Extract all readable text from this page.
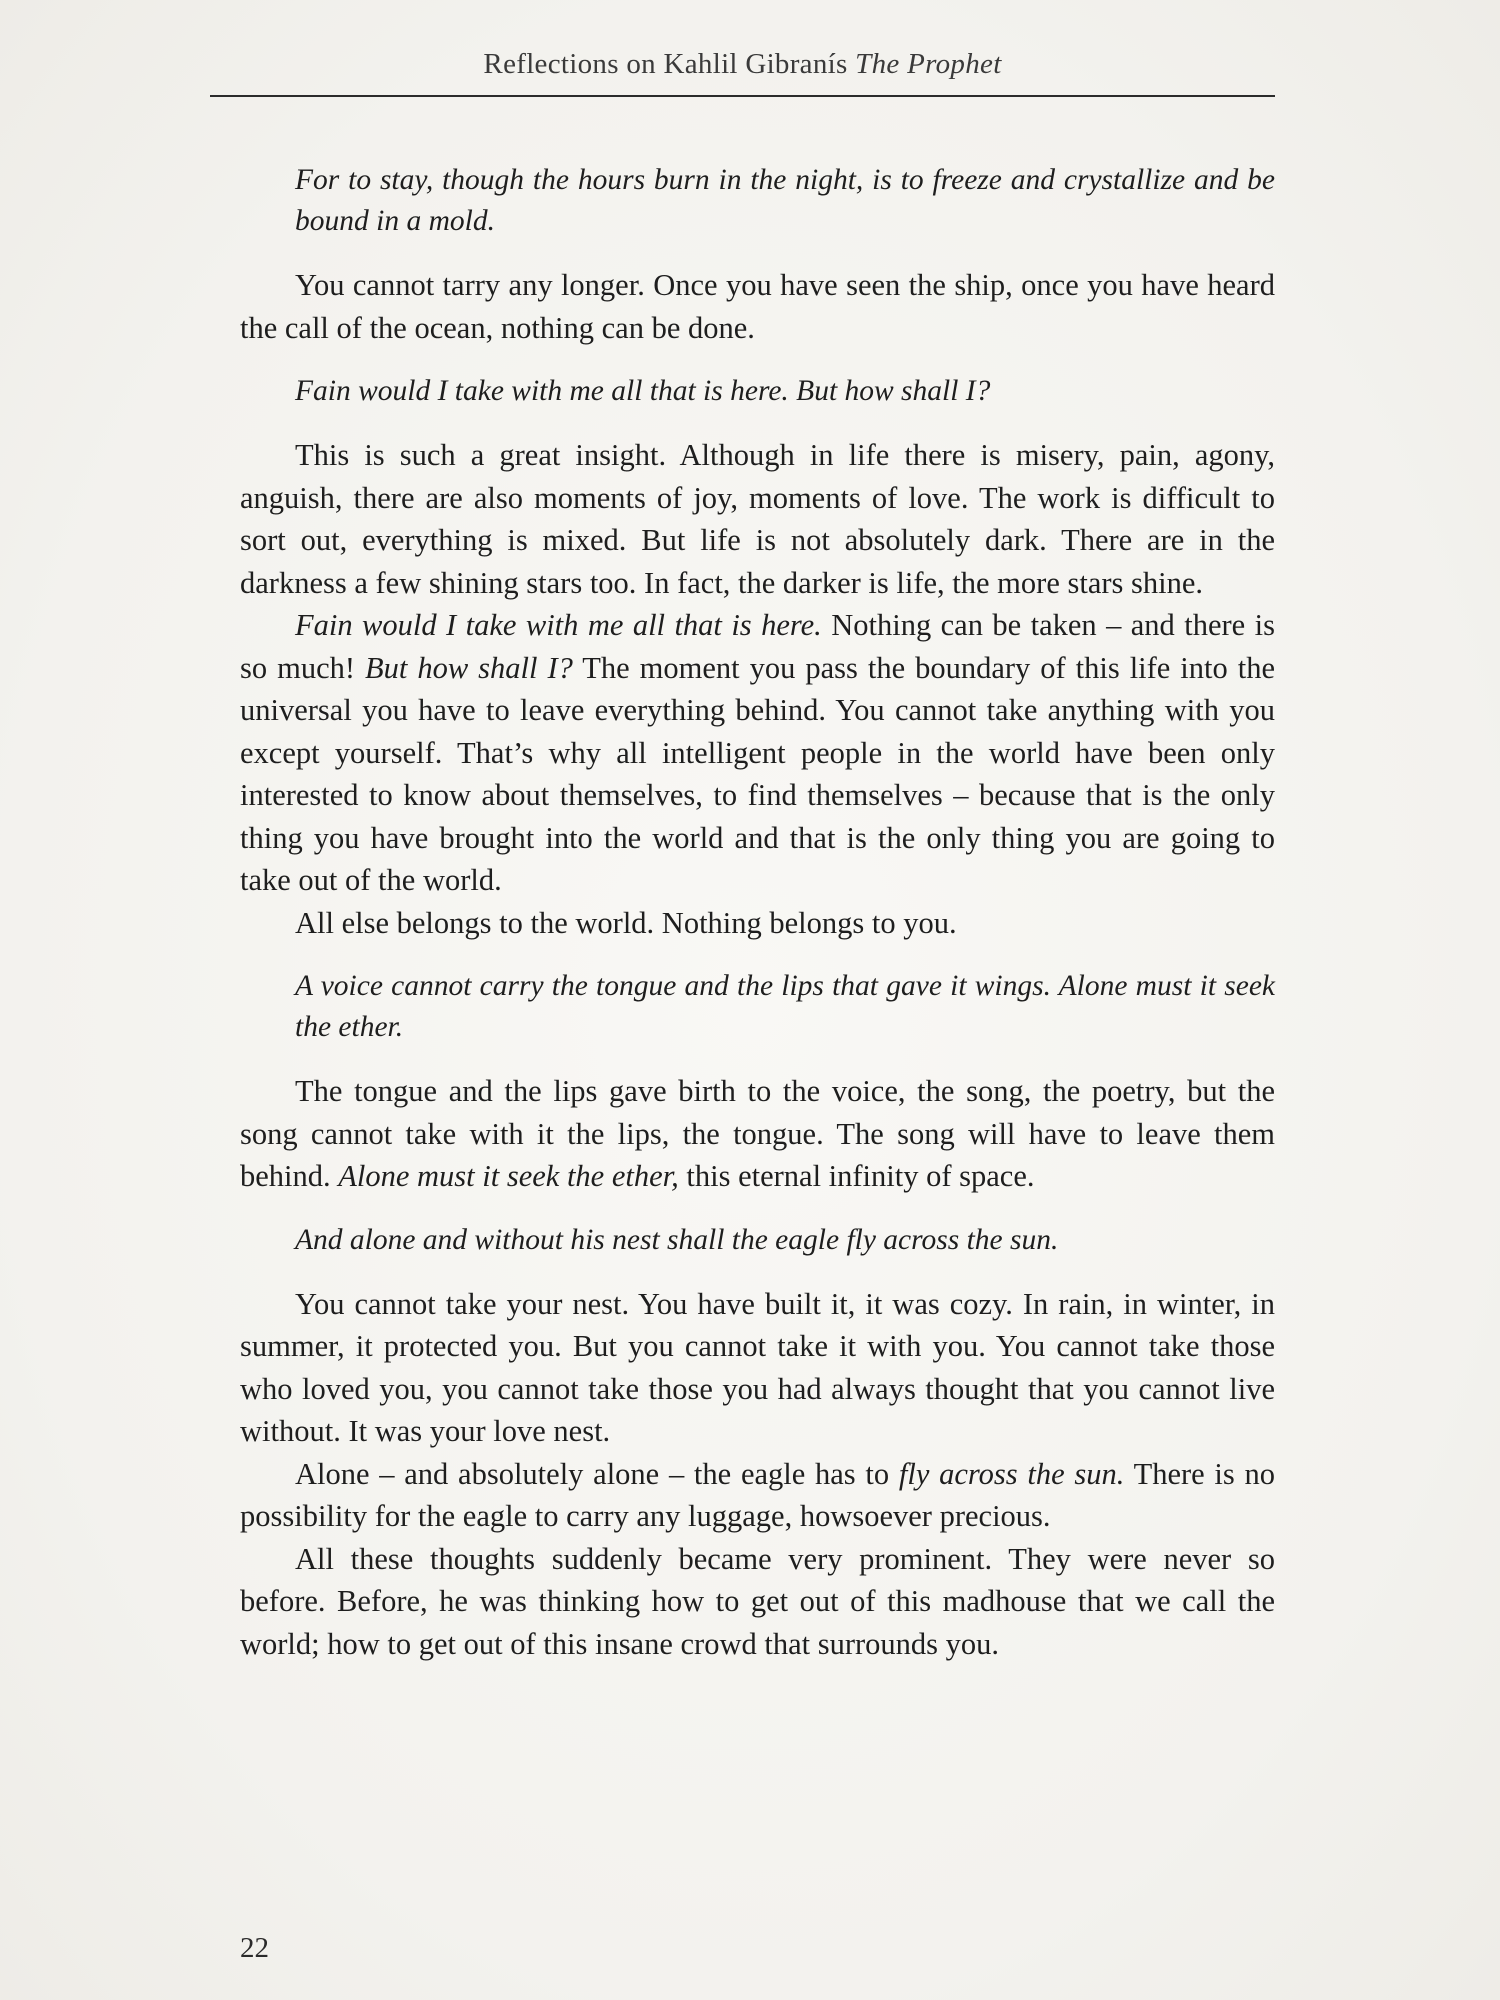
Reflections on Kahlil Gibranís The Prophet

For to stay, though the hours burn in the night, is to freeze and crystallize and be bound in a mold.

You cannot tarry any longer. Once you have seen the ship, once you have heard the call of the ocean, nothing can be done.

Fain would I take with me all that is here. But how shall I?

This is such a great insight. Although in life there is misery, pain, agony, anguish, there are also moments of joy, moments of love. The work is difficult to sort out, everything is mixed. But life is not absolutely dark. There are in the darkness a few shining stars too. In fact, the darker is life, the more stars shine.

Fain would I take with me all that is here. Nothing can be taken – and there is so much! But how shall I? The moment you pass the boundary of this life into the universal you have to leave everything behind. You cannot take anything with you except yourself. That’s why all intelligent people in the world have been only interested to know about themselves, to find themselves – because that is the only thing you have brought into the world and that is the only thing you are going to take out of the world.

All else belongs to the world. Nothing belongs to you.

A voice cannot carry the tongue and the lips that gave it wings. Alone must it seek the ether.

The tongue and the lips gave birth to the voice, the song, the poetry, but the song cannot take with it the lips, the tongue. The song will have to leave them behind. Alone must it seek the ether, this eternal infinity of space.

And alone and without his nest shall the eagle fly across the sun.

You cannot take your nest. You have built it, it was cozy. In rain, in winter, in summer, it protected you. But you cannot take it with you. You cannot take those who loved you, you cannot take those you had always thought that you cannot live without. It was your love nest.

Alone – and absolutely alone – the eagle has to fly across the sun. There is no possibility for the eagle to carry any luggage, howsoever precious.

All these thoughts suddenly became very prominent. They were never so before. Before, he was thinking how to get out of this madhouse that we call the world; how to get out of this insane crowd that surrounds you.

22
